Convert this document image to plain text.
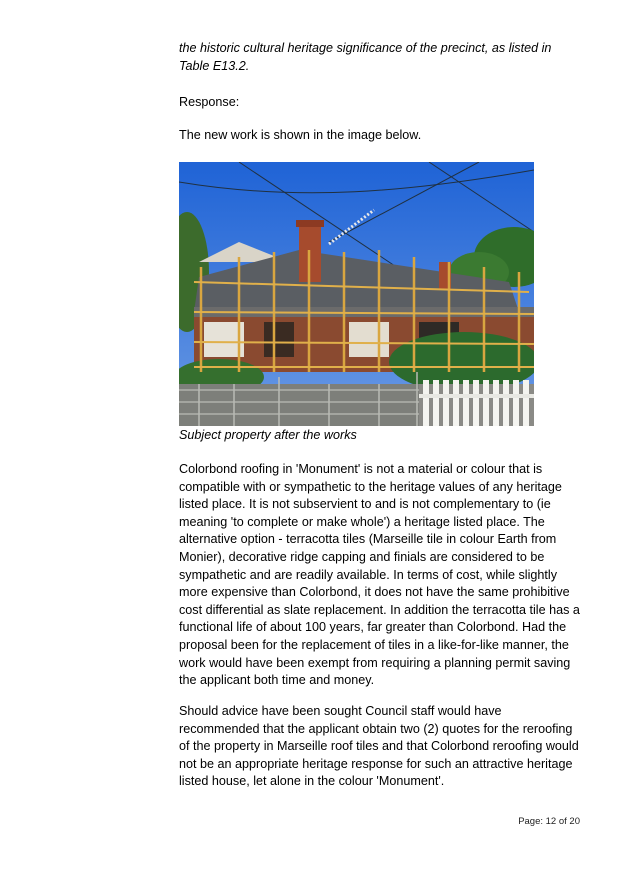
the historic cultural heritage significance of the precinct, as listed in Table E13.2.
Response:
The new work is shown in the image below.
Subject property after the works
Colorbond roofing in 'Monument' is not a material or colour that is compatible with or sympathetic to the heritage values of any heritage listed place. It is not subservient to and is not complementary to (ie meaning 'to complete or make whole') a heritage listed place. The alternative option - terracotta tiles (Marseille tile in colour Earth from Monier), decorative ridge capping and finials are considered to be sympathetic and are readily available. In terms of cost, while slightly more expensive than Colorbond, it does not have the same prohibitive cost differential as slate replacement. In addition the terracotta tile has a functional life of about 100 years, far greater than Colorbond. Had the proposal been for the replacement of tiles in a like-for-like manner, the work would have been exempt from requiring a planning permit saving the applicant both time and money.
Should advice have been sought Council staff would have recommended that the applicant obtain two (2) quotes for the reroofing of the property in Marseille roof tiles and that Colorbond reroofing would not be an appropriate heritage response for such an attractive heritage listed house, let alone in the colour 'Monument'.
Page: 12 of 20
